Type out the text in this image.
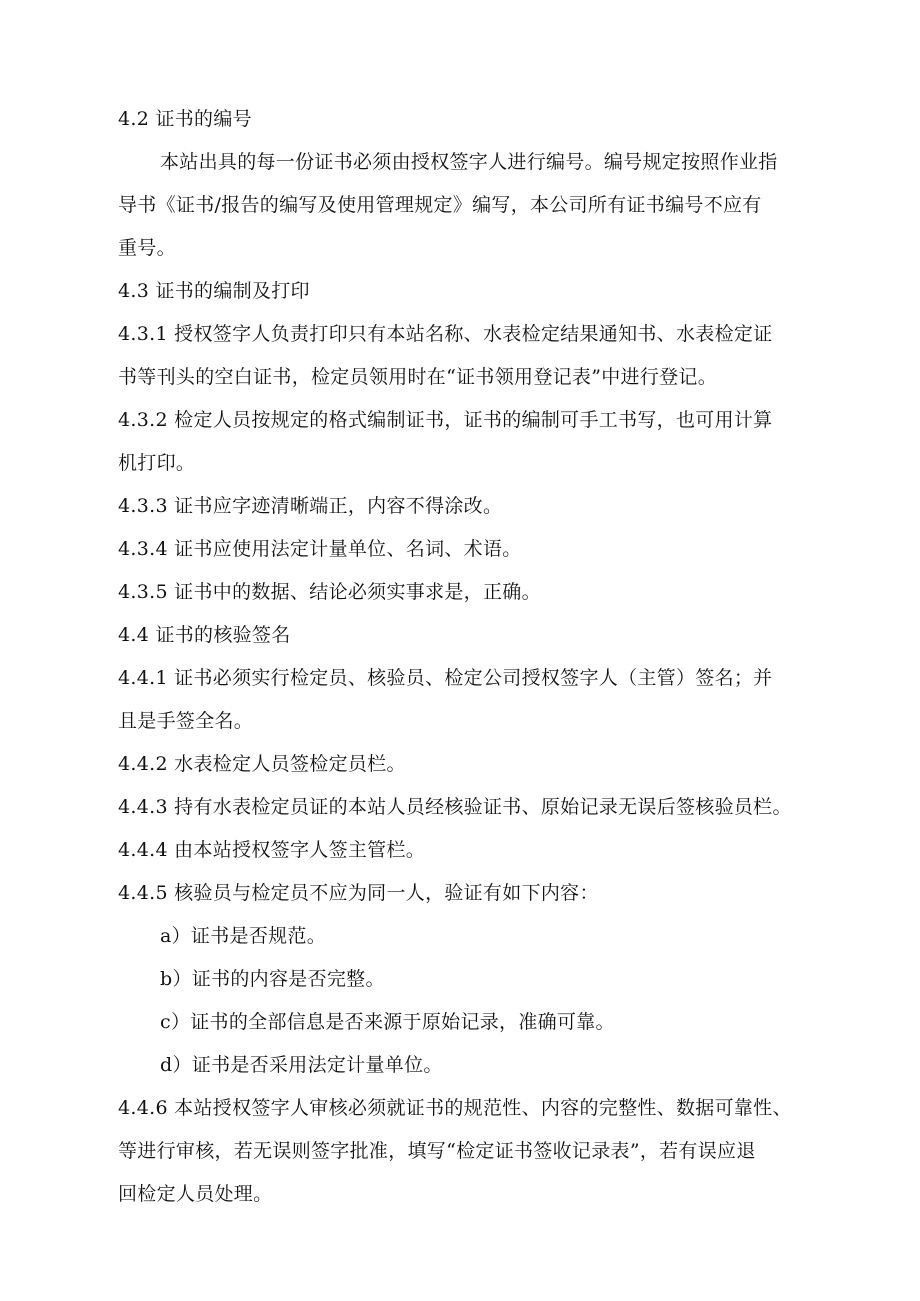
4.2 证书的编号
本站出具的每一份证书必须由授权签字人进行编号。编号规定按照作业指
导书《证书/报告的编写及使用管理规定》编写，本公司所有证书编号不应有
重号。
4.3 证书的编制及打印
4.3.1 授权签字人负责打印只有本站名称、水表检定结果通知书、水表检定证
书等刊头的空白证书，检定员领用时在“证书领用登记表”中进行登记。
4.3.2 检定人员按规定的格式编制证书，证书的编制可手工书写，也可用计算
机打印。
4.3.3 证书应字迹清晰端正，内容不得涂改。
4.3.4 证书应使用法定计量单位、名词、术语。
4.3.5 证书中的数据、结论必须实事求是，正确。
4.4 证书的核验签名
4.4.1 证书必须实行检定员、核验员、检定公司授权签字人（主管）签名；并
且是手签全名。
4.4.2 水表检定人员签检定员栏。
4.4.3 持有水表检定员证的本站人员经核验证书、原始记录无误后签核验员栏。
4.4.4 由本站授权签字人签主管栏。
4.4.5 核验员与检定员不应为同一人，验证有如下内容：
a）证书是否规范。
b）证书的内容是否完整。
c）证书的全部信息是否来源于原始记录，准确可靠。
d）证书是否采用法定计量单位。
4.4.6 本站授权签字人审核必须就证书的规范性、内容的完整性、数据可靠性、
等进行审核，若无误则签字批准，填写“检定证书签收记录表”，若有误应退
回检定人员处理。
